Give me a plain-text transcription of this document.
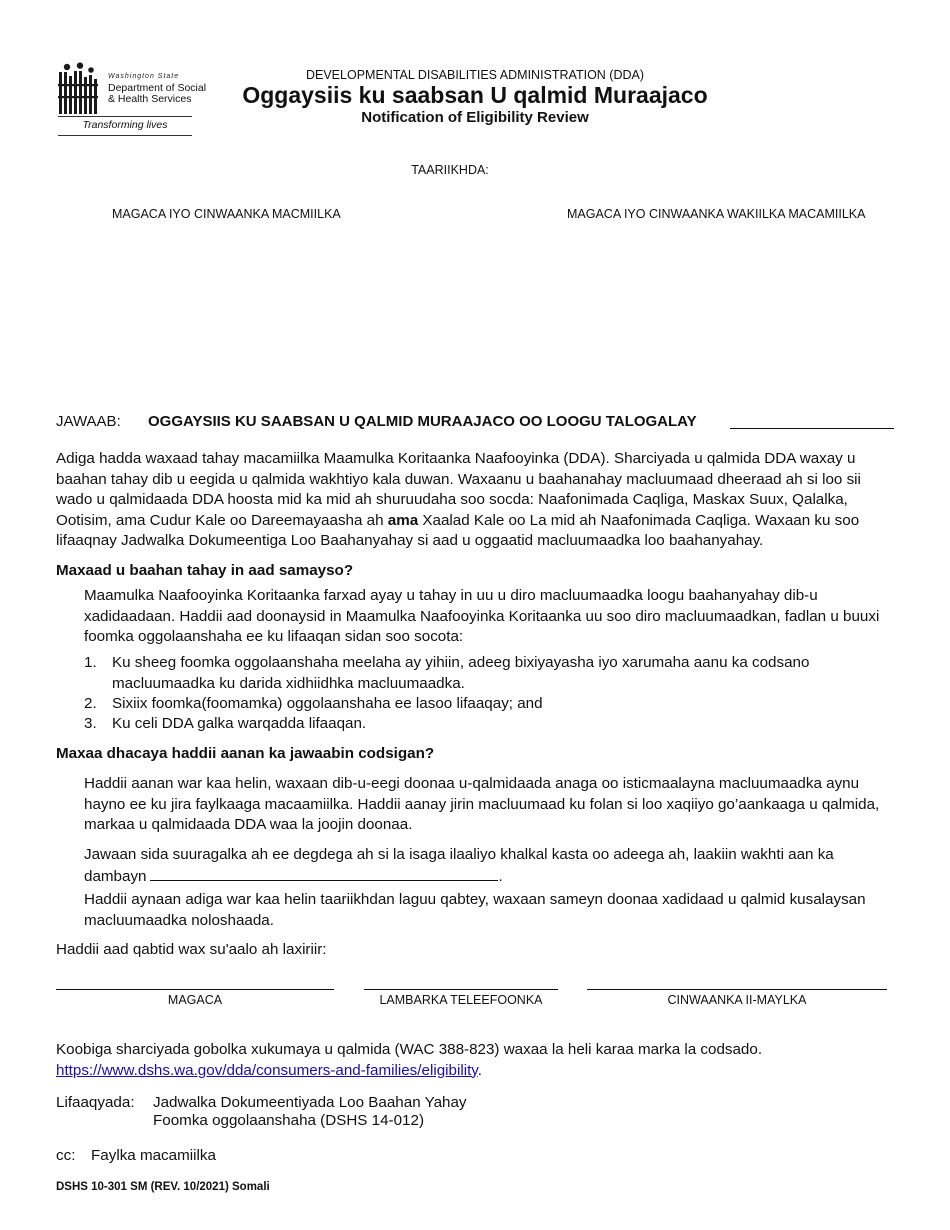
Washington State
Department of Social
& Health Services
Transforming lives
DEVELOPMENTAL DISABILITIES ADMINISTRATION (DDA)
Oggaysiis ku saabsan U qalmid Muraajaco
Notification of Eligibility Review
TAARIIKHDA:
MAGACA IYO CINWAANKA MACMIILKA	MAGACA IYO CINWAANKA WAKIILKA MACAMIILKA
JAWAAB: OGGAYSIIS KU SAABSAN U QALMID MURAAJACO OO LOOGU TALOGALAY
Adiga hadda waxaad tahay macamiilka Maamulka Koritaanka Naafooyinka (DDA). Sharciyada u qalmida DDA waxay u baahan tahay dib u eegida u qalmida wakhtiyo kala duwan. Waxaanu u baahanahay macluumaad dheeraad ah si loo sii wado u qalmidaada DDA hoosta mid ka mid ah shuruudaha soo socda: Naafonimada Caqliga, Maskax Suux, Qalalka, Ootisim, ama Cudur Kale oo Dareemayaasha ah ama Xaalad Kale oo La mid ah Naafonimada Caqliga. Waxaan ku soo lifaaqnay Jadwalka Dokumeentiga Loo Baahanyahay si aad u oggaatid macluumaadka loo baahanyahay.
Maxaad u baahan tahay in aad samayso?
Maamulka Naafooyinka Koritaanka farxad ayay u tahay in uu u diro macluumaadka loogu baahanyahay dib-u xadidaadaan. Haddii aad doonaysid in Maamulka Naafooyinka Koritaanka uu soo diro macluumaadkan, fadlan u buuxi foomka oggolaanshaha ee ku lifaaqan sidan soo socota:
1. Ku sheeg foomka oggolaanshaha meelaha ay yihiin, adeeg bixiyayasha iyo xarumaha aanu ka codsano macluumaadka ku darida xidhiidhka macluumaadka.
2. Sixiix foomka(foomamka) oggolaanshaha ee lasoo lifaaqay; and
3. Ku celi DDA galka warqadda lifaaqan.
Maxaa dhacaya haddii aanan ka jawaabin codsigan?
Haddii aanan war kaa helin, waxaan dib-u-eegi doonaa u-qalmidaada anaga oo isticmaalayna macluumaadka aynu hayno ee ku jira faylkaaga macaamiilka. Haddii aanay jirin macluumaad ku folan si loo xaqiiyo go’aankaaga u qalmida, markaa u qalmidaada DDA waa la joojin doonaa.
Jawaan sida suuragalka ah ee degdega ah si la isaga ilaaliyo khalkal kasta oo adeega ah, laakiin wakhti aan ka dambayn	.
Haddii aynaan adiga war kaa helin taariikhdan laguu qabtey, waxaan sameyn doonaa xadidaad u qalmid kusalaysan macluumaadka noloshaada.
Haddii aad qabtid wax su'aalo ah laxiriir:
MAGACA	LAMBARKA TELEEFOONKA	CINWAANKA II-MAYLKA
Koobiga sharciyada gobolka xukumaya u qalmida (WAC 388-823) waxaa la heli karaa marka la codsado.
https://www.dshs.wa.gov/dda/consumers-and-families/eligibility.
Lifaaqyada: Jadwalka Dokumeentiyada Loo Baahan Yahay
Foomka oggolaanshaha (DSHS 14-012)
cc: Faylka macamiilka
DSHS 10-301 SM (REV. 10/2021) Somali
